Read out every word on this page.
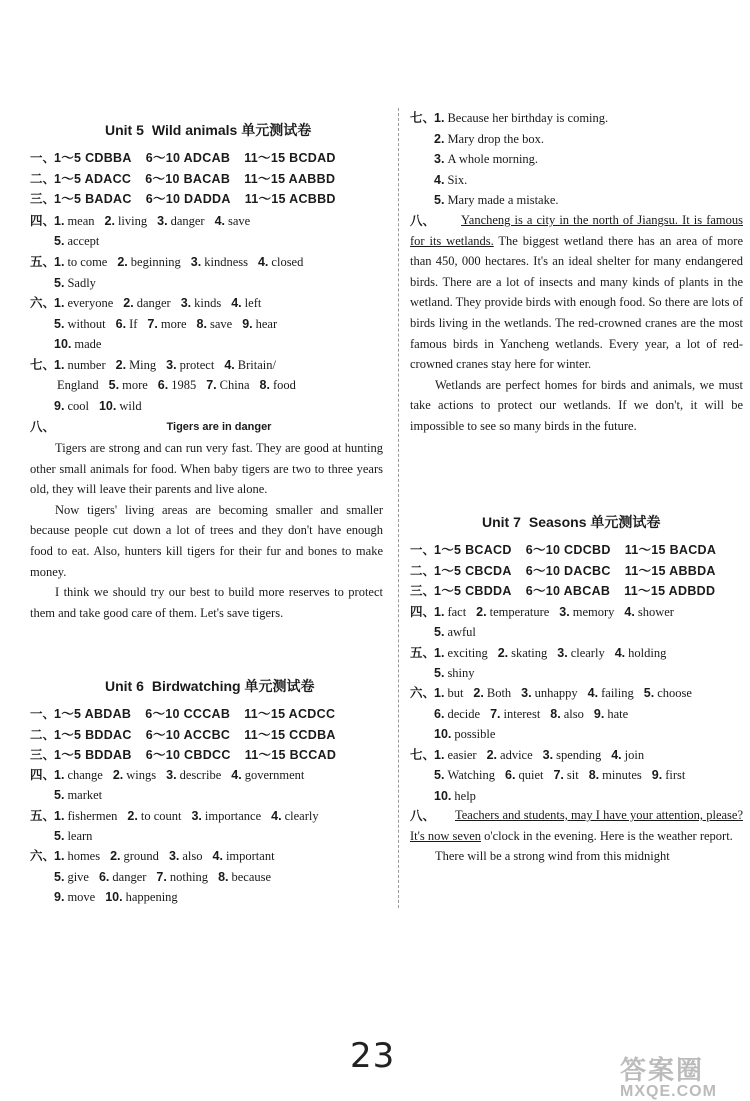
Unit 5 Wild animals 单元测试卷
一、1～5 CDBBA 6～10 ADCAB 11～15 BCDAD
二、1～5 ADACC 6～10 BACAB 11～15 AABBD
三、1～5 BADAC 6～10 DADDA 11～15 ACBBD
四、1. mean 2. living 3. danger 4. save
5. accept
五、1. to come 2. beginning 3. kindness 4. closed
5. Sadly
六、1. everyone 2. danger 3. kinds 4. left
5. without 6. If 7. more 8. save 9. hear
10. made
七、1. number 2. Ming 3. protect 4. Britain/
England 5. more 6. 1985 7. China 8. food
9. cool 10. wild
八、	Tigers are in danger

Tigers are strong and can run very fast. They are good at hunting other small animals for food. When baby tigers are two to three years old, they will leave their parents and live alone.

Now tigers' living areas are becoming smaller and smaller because people cut down a lot of trees and they don't have enough food to eat. Also, hunters kill tigers for their fur and bones to make money.

I think we should try our best to build more reserves to protect them and take good care of them. Let's save tigers.

Unit 6 Birdwatching 单元测试卷
一、1～5 ABDAB 6～10 CCCAB 11～15 ACDCC
二、1～5 BDDAC 6～10 ACCBC 11～15 CCDBA
三、1～5 BDDAB 6～10 CBDCC 11～15 BCCAD
四、1. change 2. wings 3. describe 4. government
5. market
五、1. fishermen 2. to count 3. importance 4. clearly
5. learn
六、1. homes 2. ground 3. also 4. important
5. give 6. danger 7. nothing 8. because
9. move 10. happening
七、1. Because her birthday is coming.
2. Mary drop the box.
3. A whole morning.
4. Six.
5. Mary made a mistake.
八、	Yancheng is a city in the north of Jiangsu. It is famous for its wetlands. The biggest wetland there has an area of more than 450, 000 hectares. It's an ideal shelter for many endangered birds. There are a lot of insects and many kinds of plants in the wetland. They provide birds with enough food. So there are lots of birds living in the wetlands. The red-crowned cranes are the most famous birds in Yancheng wetlands. Every year, a lot of red-crowned cranes stay here for winter.

Wetlands are perfect homes for birds and animals, we must take actions to protect our wetlands. If we don't, it will be impossible to see so many birds in the future.

Unit 7 Seasons 单元测试卷
一、1～5 BCACD 6～10 CDCBD 11～15 BACDA
二、1～5 CBCDA 6～10 DACBC 11～15 ABBDA
三、1～5 CBDDA 6～10 ABCAB 11～15 ADBDD
四、1. fact 2. temperature 3. memory 4. shower
5. awful
五、1. exciting 2. skating 3. clearly 4. holding
5. shiny
六、1. but 2. Both 3. unhappy 4. failing 5. choose
6. decide 7. interest 8. also 9. hate
10. possible
七、1. easier 2. advice 3. spending 4. join
5. Watching 6. quiet 7. sit 8. minutes 9. first
10. help
八、	Teachers and students, may I have your attention, please? It's now seven o'clock in the evening. Here is the weather report.

There will be a strong wind from this midnight

23	答案圈
MXQE.COM
